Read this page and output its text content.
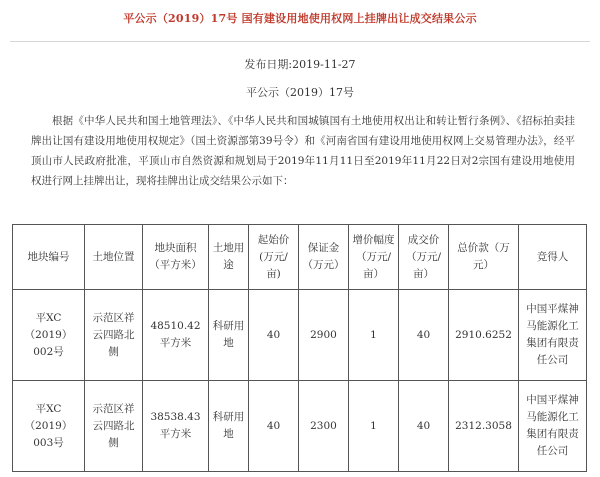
平公示（2019）17号 国有建设用地使用权网上挂牌出让成交结果公示
发布日期:2019-11-27
平公示（2019）17号
根据《中华人民共和国土地管理法》、《中华人民共和国城镇国有土地使用权出让和转让暂行条例》、《招标拍卖挂牌出让国有建设用地使用权规定》（国土资源部第39号令）和《河南省国有建设用地使用权网上交易管理办法》，经平顶山市人民政府批准，平顶山市自然资源和规划局于2019年11月11日至2019年11月22日对2宗国有建设用地使用权进行网上挂牌出让，现将挂牌出让成交结果公示如下：
地块编号	土地位置	地块面积（平方米）	土地用途	起始价(万元/亩)	保证金（万元）	增价幅度（万元/亩）	成交价（万元/亩）	总价款（万元）	竞得人
平XC（2019）002号	示范区祥云四路北侧	48510.42平方米	科研用地	40	2900	1	40	2910.6252	中国平煤神马能源化工集团有限责任公司
平XC（2019）003号	示范区祥云四路北侧	38538.43平方米	科研用地	40	2300	1	40	2312.3058	中国平煤神马能源化工集团有限责任公司
